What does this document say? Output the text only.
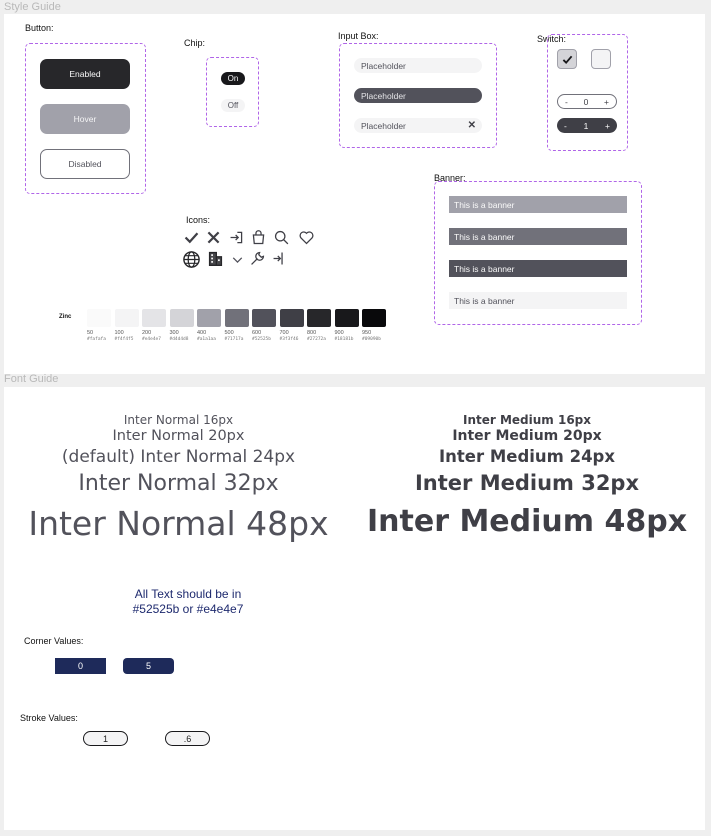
Style Guide
Button:
Enabled
Hover
Disabled
Chip:
On
Off
Input Box:
Placeholder
Placeholder
Placeholder	✕
Switch:
- 0 +
- 1 +
Banner:
This is a banner
This is a banner
This is a banner
This is a banner
Icons:
Zinc
50
#fafafa
100
#f4f4f5
200
#e4e4e7
300
#d4d4d8
400
#a1a1aa
500
#71717a
600
#52525b
700
#3f3f46
800
#27272a
900
#18181b
950
#09090b
Font Guide
Inter Normal 16px
Inter Normal 20px
(default) Inter Normal 24px
Inter Normal 32px
Inter Normal 48px
Inter Medium 16px
Inter Medium 20px
Inter Medium 24px
Inter Medium 32px
Inter Medium 48px
All Text should be in
#52525b or #e4e4e7
Corner Values:
0	5
Stroke Values:
1	.6
